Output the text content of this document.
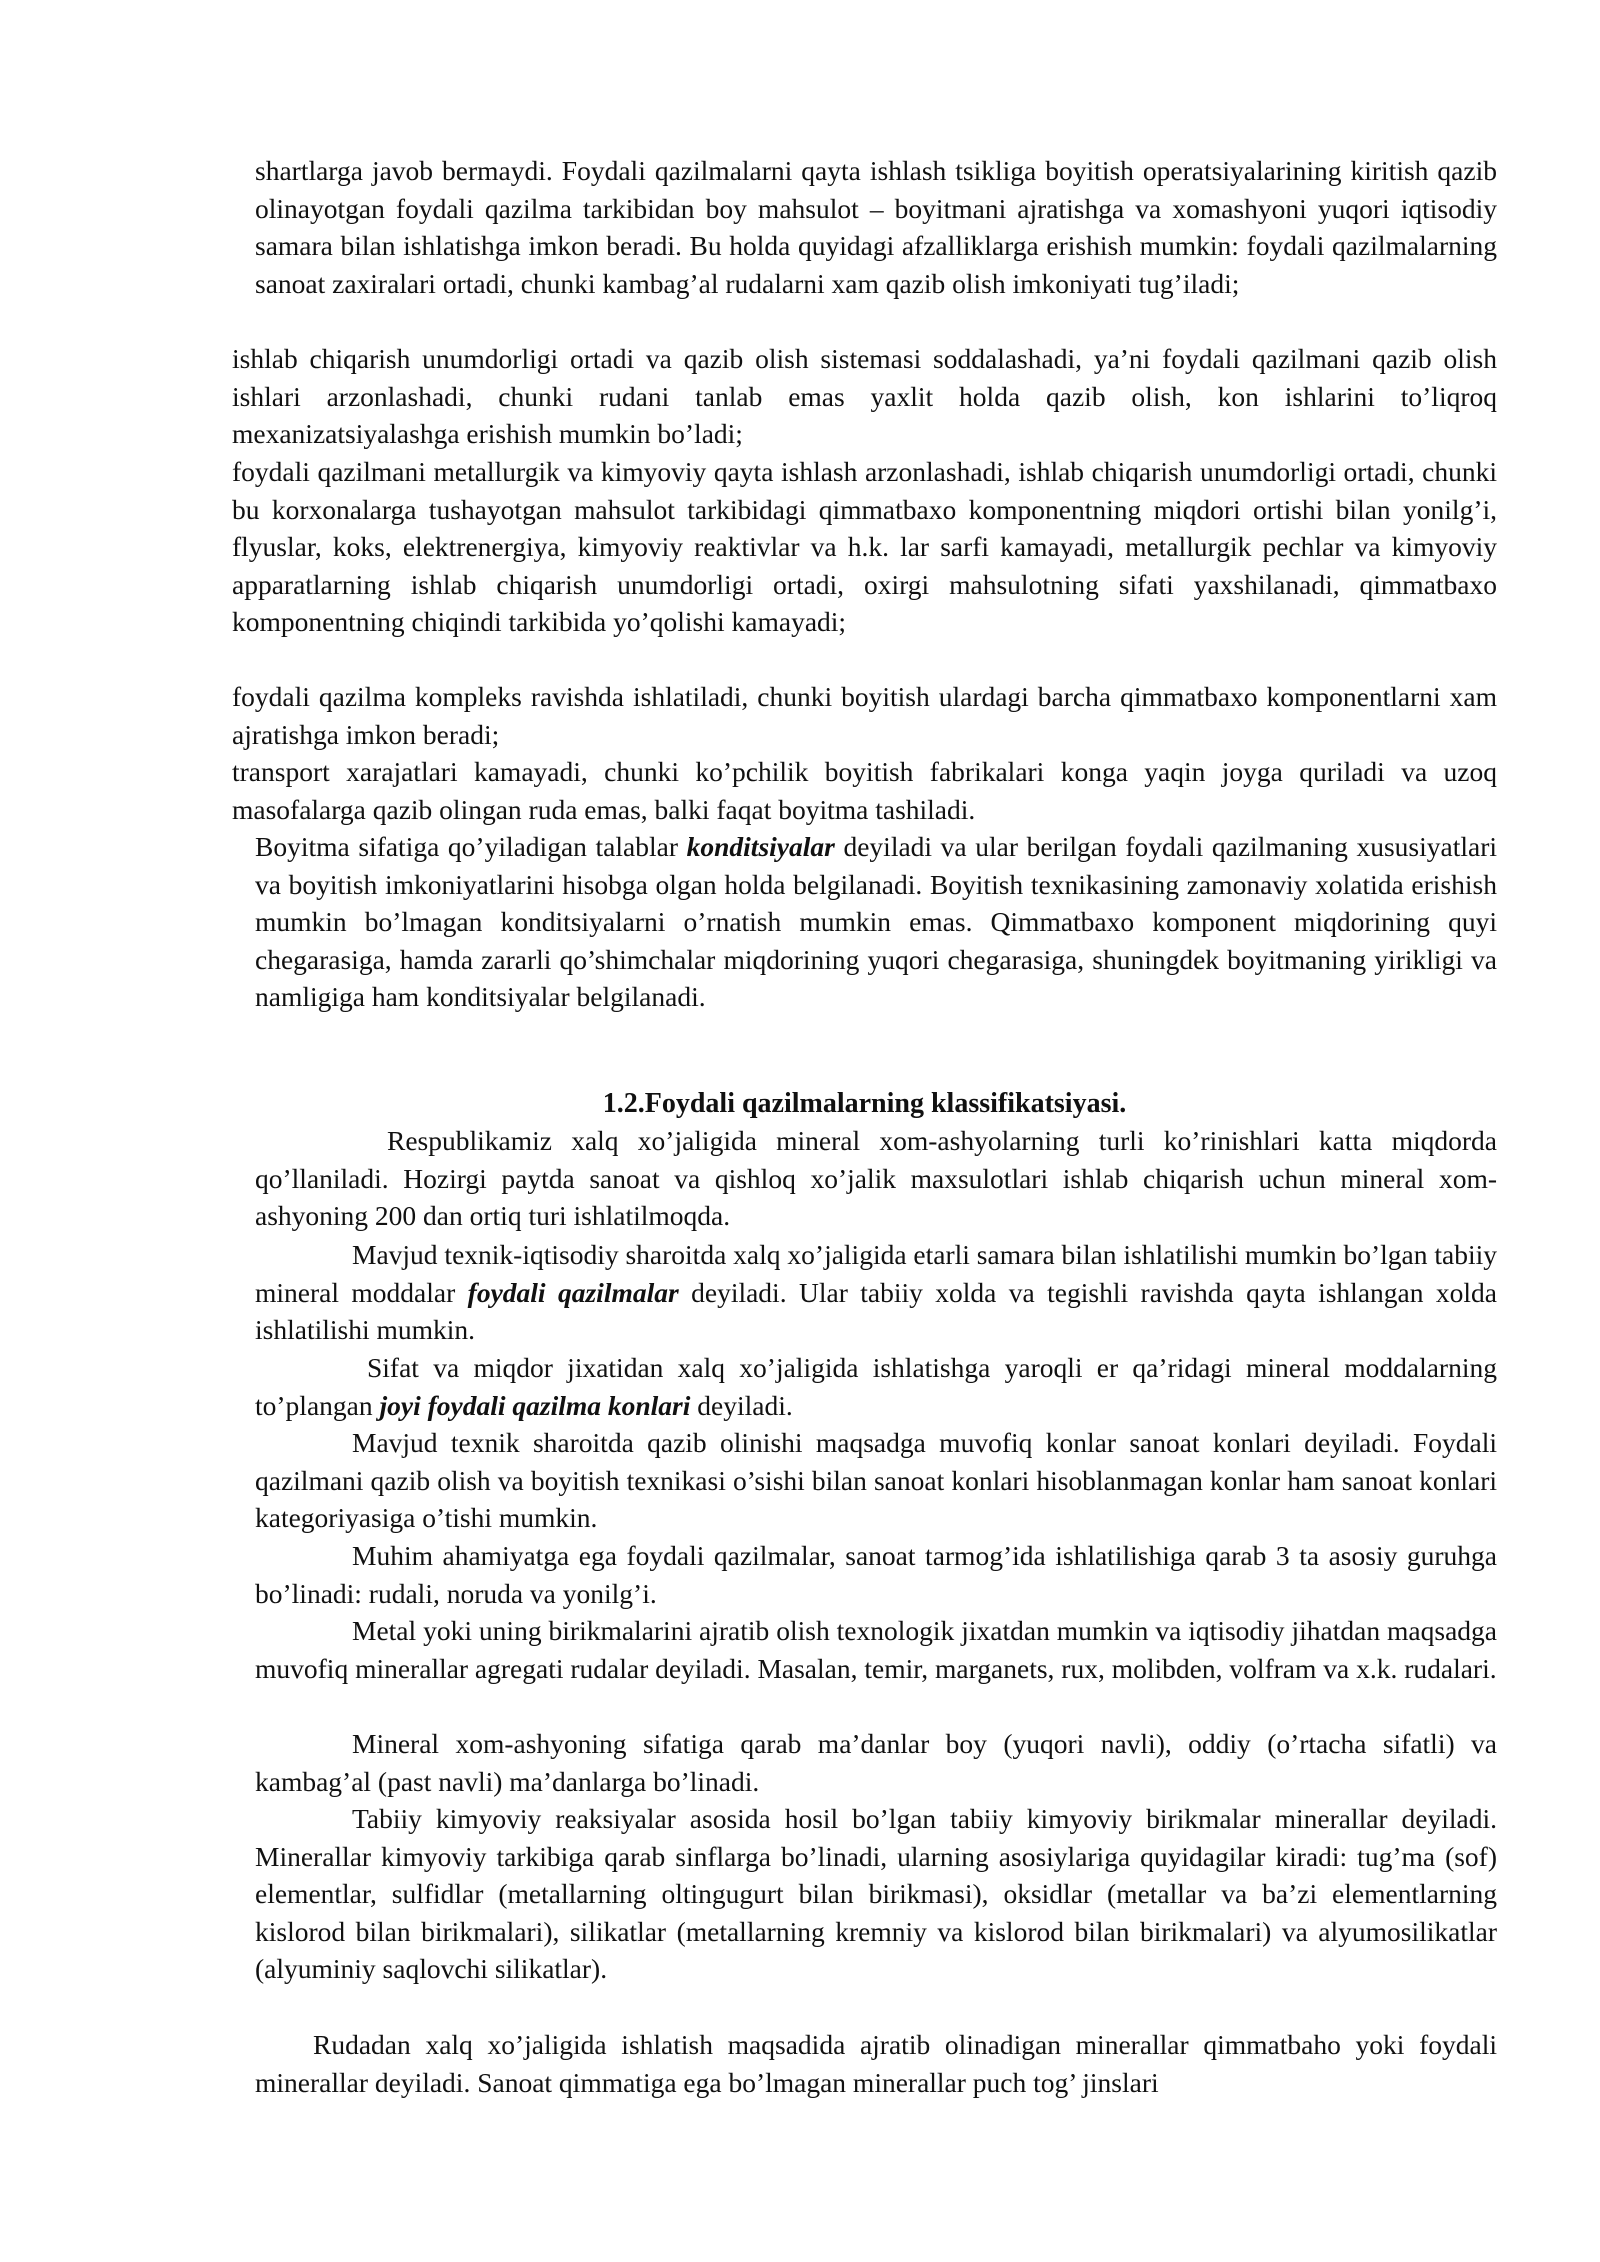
shartlarga javob bermaydi. Foydali qazilmalarni qayta ishlash tsikliga boyitish operatsiyalarining kiritish qazib olinayotgan foydali qazilma tarkibidan boy mahsulot – boyitmani ajratishga va xomashyoni yuqori iqtisodiy samara bilan ishlatishga imkon beradi. Bu holda quyidagi afzalliklarga erishish mumkin: foydali qazilmalarning sanoat zaxiralari ortadi, chunki kambag’al rudalarni xam qazib olish imkoniyati tug’iladi;

ishlab chiqarish unumdorligi ortadi va qazib olish sistemasi soddalashadi, ya’ni foydali qazilmani qazib olish ishlari arzonlashadi, chunki rudani tanlab emas yaxlit holda qazib olish, kon ishlarini to’liqroq mexanizatsiyalashga erishish mumkin bo’ladi;

foydali qazilmani metallurgik va kimyoviy qayta ishlash arzonlashadi, ishlab chiqarish unumdorligi ortadi, chunki bu korxonalarga tushayotgan mahsulot tarkibidagi qimmatbaxo komponentning miqdori ortishi bilan yonilg’i, flyuslar, koks, elektrenergiya, kimyoviy reaktivlar va h.k. lar sarfi kamayadi, metallurgik pechlar va kimyoviy apparatlarning ishlab chiqarish unumdorligi ortadi, oxirgi mahsulotning sifati yaxshilanadi, qimmatbaxo komponentning chiqindi tarkibida yo’qolishi kamayadi;

foydali qazilma kompleks ravishda ishlatiladi, chunki boyitish ulardagi barcha qimmatbaxo komponentlarni xam ajratishga imkon beradi;

transport xarajatlari kamayadi, chunki ko’pchilik boyitish fabrikalari konga yaqin joyga quriladi va uzoq masofalarga qazib olingan ruda emas, balki faqat boyitma tashiladi.

Boyitma sifatiga qo’yiladigan talablar konditsiyalar deyiladi va ular berilgan foydali qazilmaning xususiyatlari va boyitish imkoniyatlarini hisobga olgan holda belgilanadi. Boyitish texnikasining zamonaviy xolatida erishish mumkin bo’lmagan konditsiyalarni o’rnatish mumkin emas. Qimmatbaxo komponent miqdorining quyi chegarasiga, hamda zararli qo’shimchalar miqdorining yuqori chegarasiga, shuningdek boyitmaning yirikligi va namligiga ham konditsiyalar belgilanadi.

1.2.Foydali qazilmalarning klassifikatsiyasi.

Respublikamiz xalq xo’jaligida mineral xom-ashyolarning turli ko’rinishlari katta miqdorda qo’llaniladi. Hozirgi paytda sanoat va qishloq xo’jalik maxsulotlari ishlab chiqarish uchun mineral xom-ashyoning 200 dan ortiq turi ishlatilmoqda.

Mavjud texnik-iqtisodiy sharoitda xalq xo’jaligida etarli samara bilan ishlatilishi mumkin bo’lgan tabiiy mineral moddalar foydali qazilmalar deyiladi. Ular tabiiy xolda va tegishli ravishda qayta ishlangan xolda ishlatilishi mumkin.

Sifat va miqdor jixatidan xalq xo’jaligida ishlatishga yaroqli er qa’ridagi mineral moddalarning to’plangan joyi foydali qazilma konlari deyiladi.

Mavjud texnik sharoitda qazib olinishi maqsadga muvofiq konlar sanoat konlari deyiladi. Foydali qazilmani qazib olish va boyitish texnikasi o’sishi bilan sanoat konlari hisoblanmagan konlar ham sanoat konlari kategoriyasiga o’tishi mumkin.

Muhim ahamiyatga ega foydali qazilmalar, sanoat tarmog’ida ishlatilishiga qarab 3 ta asosiy guruhga bo’linadi: rudali, noruda va yonilg’i.

Metal yoki uning birikmalarini ajratib olish texnologik jixatdan mumkin va iqtisodiy jihatdan maqsadga muvofiq minerallar agregati rudalar deyiladi. Masalan, temir, marganets, rux, molibden, volfram va x.k. rudalari.

Mineral xom-ashyoning sifatiga qarab ma’danlar boy (yuqori navli), oddiy (o’rtacha sifatli) va kambag’al (past navli) ma’danlarga bo’linadi.

Tabiiy kimyoviy reaksiyalar asosida hosil bo’lgan tabiiy kimyoviy birikmalar minerallar deyiladi. Minerallar kimyoviy tarkibiga qarab sinflarga bo’linadi, ularning asosiylariga quyidagilar kiradi: tug’ma (sof) elementlar, sulfidlar (metallarning oltingugurt bilan birikmasi), oksidlar (metallar va ba’zi elementlarning kislorod bilan birikmalari), silikatlar (metallarning kremniy va kislorod bilan birikmalari) va alyumosilikatlar (alyuminiy saqlovchi silikatlar).

Rudadan xalq xo’jaligida ishlatish maqsadida ajratib olinadigan minerallar qimmatbaho yoki foydali minerallar deyiladi. Sanoat qimmatiga ega bo’lmagan minerallar puch tog’ jinslari
